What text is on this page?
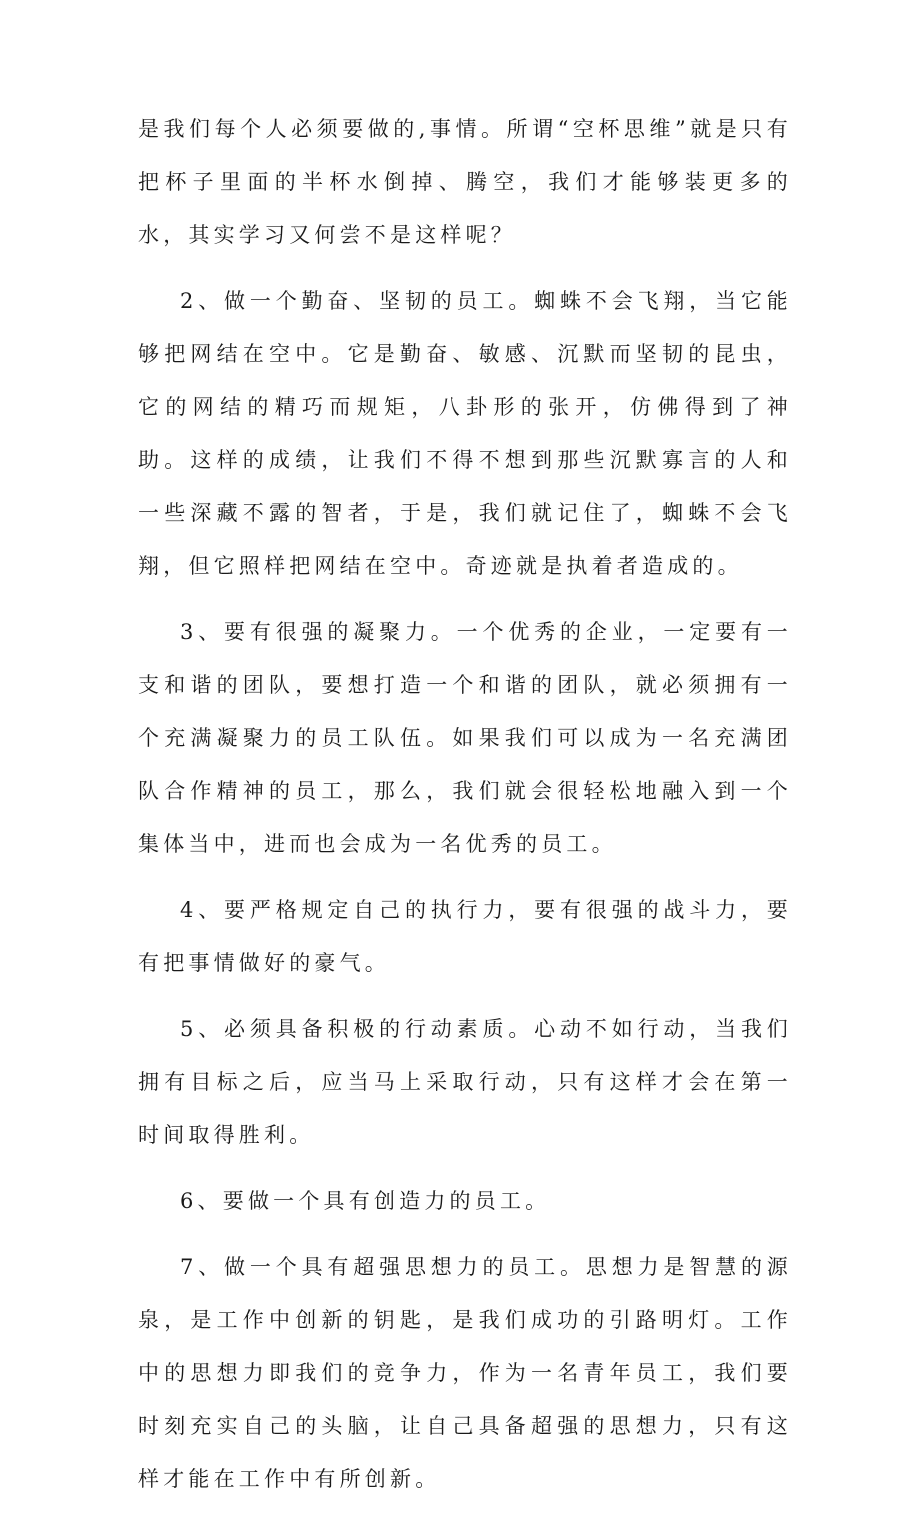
是我们每个人必须要做的,事情。所谓“空杯思维”就是只有把杯子里面的半杯水倒掉、腾空，我们才能够装更多的水，其实学习又何尝不是这样呢？

2、做一个勤奋、坚韧的员工。蜘蛛不会飞翔，当它能够把网结在空中。它是勤奋、敏感、沉默而坚韧的昆虫，它的网结的精巧而规矩，八卦形的张开，仿佛得到了神助。这样的成绩，让我们不得不想到那些沉默寡言的人和一些深藏不露的智者，于是，我们就记住了，蜘蛛不会飞翔，但它照样把网结在空中。奇迹就是执着者造成的。

3、要有很强的凝聚力。一个优秀的企业，一定要有一支和谐的团队，要想打造一个和谐的团队，就必须拥有一个充满凝聚力的员工队伍。如果我们可以成为一名充满团队合作精神的员工，那么，我们就会很轻松地融入到一个集体当中，进而也会成为一名优秀的员工。

4、要严格规定自己的执行力，要有很强的战斗力，要有把事情做好的豪气。

5、必须具备积极的行动素质。心动不如行动，当我们拥有目标之后，应当马上采取行动，只有这样才会在第一时间取得胜利。

6、要做一个具有创造力的员工。

7、做一个具有超强思想力的员工。思想力是智慧的源泉，是工作中创新的钥匙，是我们成功的引路明灯。工作中的思想力即我们的竞争力，作为一名青年员工，我们要时刻充实自己的头脑，让自己具备超强的思想力，只有这样才能在工作中有所创新。
